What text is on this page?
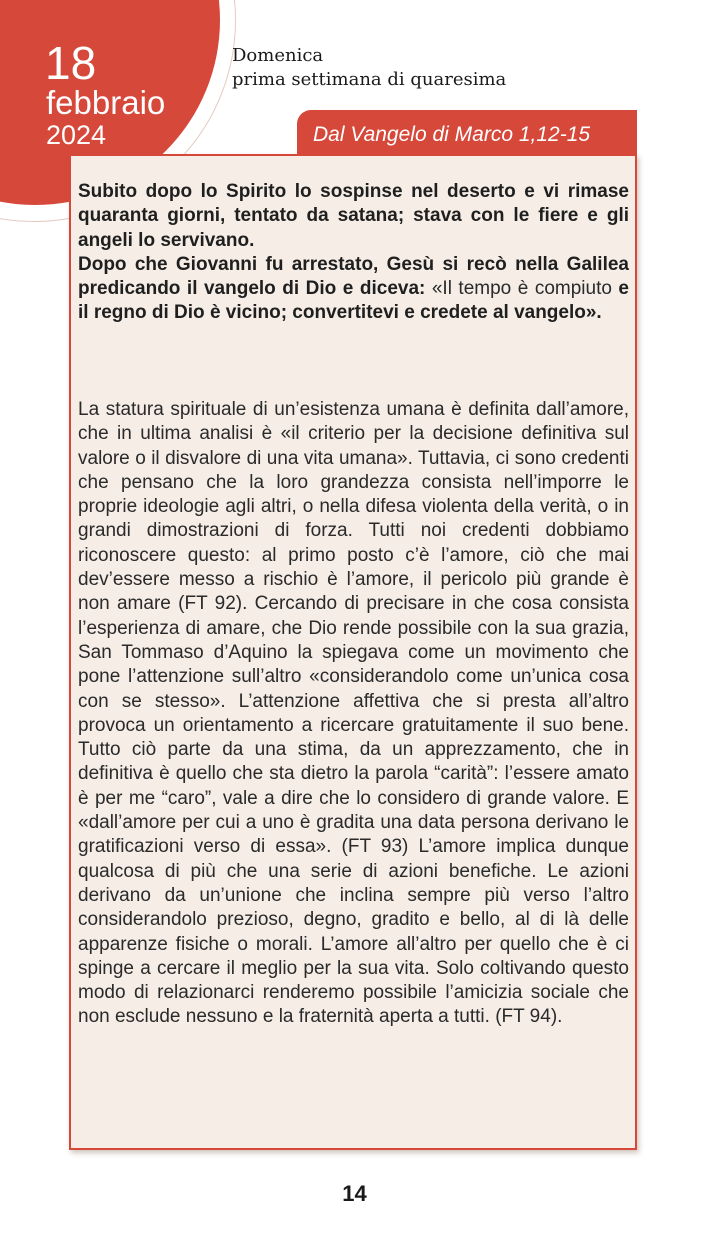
18
febbraio
2024
Domenica
prima settimana di quaresima
Dal Vangelo di Marco 1,12-15

Subito dopo lo Spirito lo sospinse nel deserto e vi rimase quaranta giorni, tentato da satana; stava con le fiere e gli angeli lo servivano.

Dopo che Giovanni fu arrestato, Gesù si recò nella Galilea predicando il vangelo di Dio e diceva: «Il tempo è compiuto e il regno di Dio è vicino; convertitevi e credete al vangelo».

La statura spirituale di un’esistenza umana è definita dall’amore, che in ultima analisi è «il criterio per la decisione definitiva sul valore o il disvalore di una vita umana». Tuttavia, ci sono credenti che pensano che la loro grandezza consista nell’imporre le proprie ideologie agli altri, o nella difesa violenta della verità, o in grandi dimostrazioni di forza. Tutti noi credenti dobbiamo riconoscere questo: al primo posto c’è l’amore, ciò che mai dev’essere messo a rischio è l’amore, il pericolo più grande è non amare (FT 92). Cercando di precisare in che cosa consista l’esperienza di amare, che Dio rende possibile con la sua grazia, San Tommaso d’Aquino la spiegava come un movimento che pone l’attenzione sull’altro «considerandolo come un’unica cosa con se stesso». L’attenzione affettiva che si presta all’altro provoca un orientamento a ricercare gratuitamente il suo bene. Tutto ciò parte da una stima, da un apprezzamento, che in definitiva è quello che sta dietro la parola “carità”: l’essere amato è per me “caro”, vale a dire che lo considero di grande valore. E «dall’amore per cui a uno è gradita una data persona derivano le gratificazioni verso di essa». (FT 93) L’amore implica dunque qualcosa di più che una serie di azioni benefiche. Le azioni derivano da un’unione che inclina sempre più verso l’altro considerandolo prezioso, degno, gradito e bello, al di là delle apparenze fisiche o morali. L’amore all’altro per quello che è ci spinge a cercare il meglio per la sua vita. Solo coltivando questo modo di relazionarci renderemo possibile l’amicizia sociale che non esclude nessuno e la fraternità aperta a tutti. (FT 94).

14
